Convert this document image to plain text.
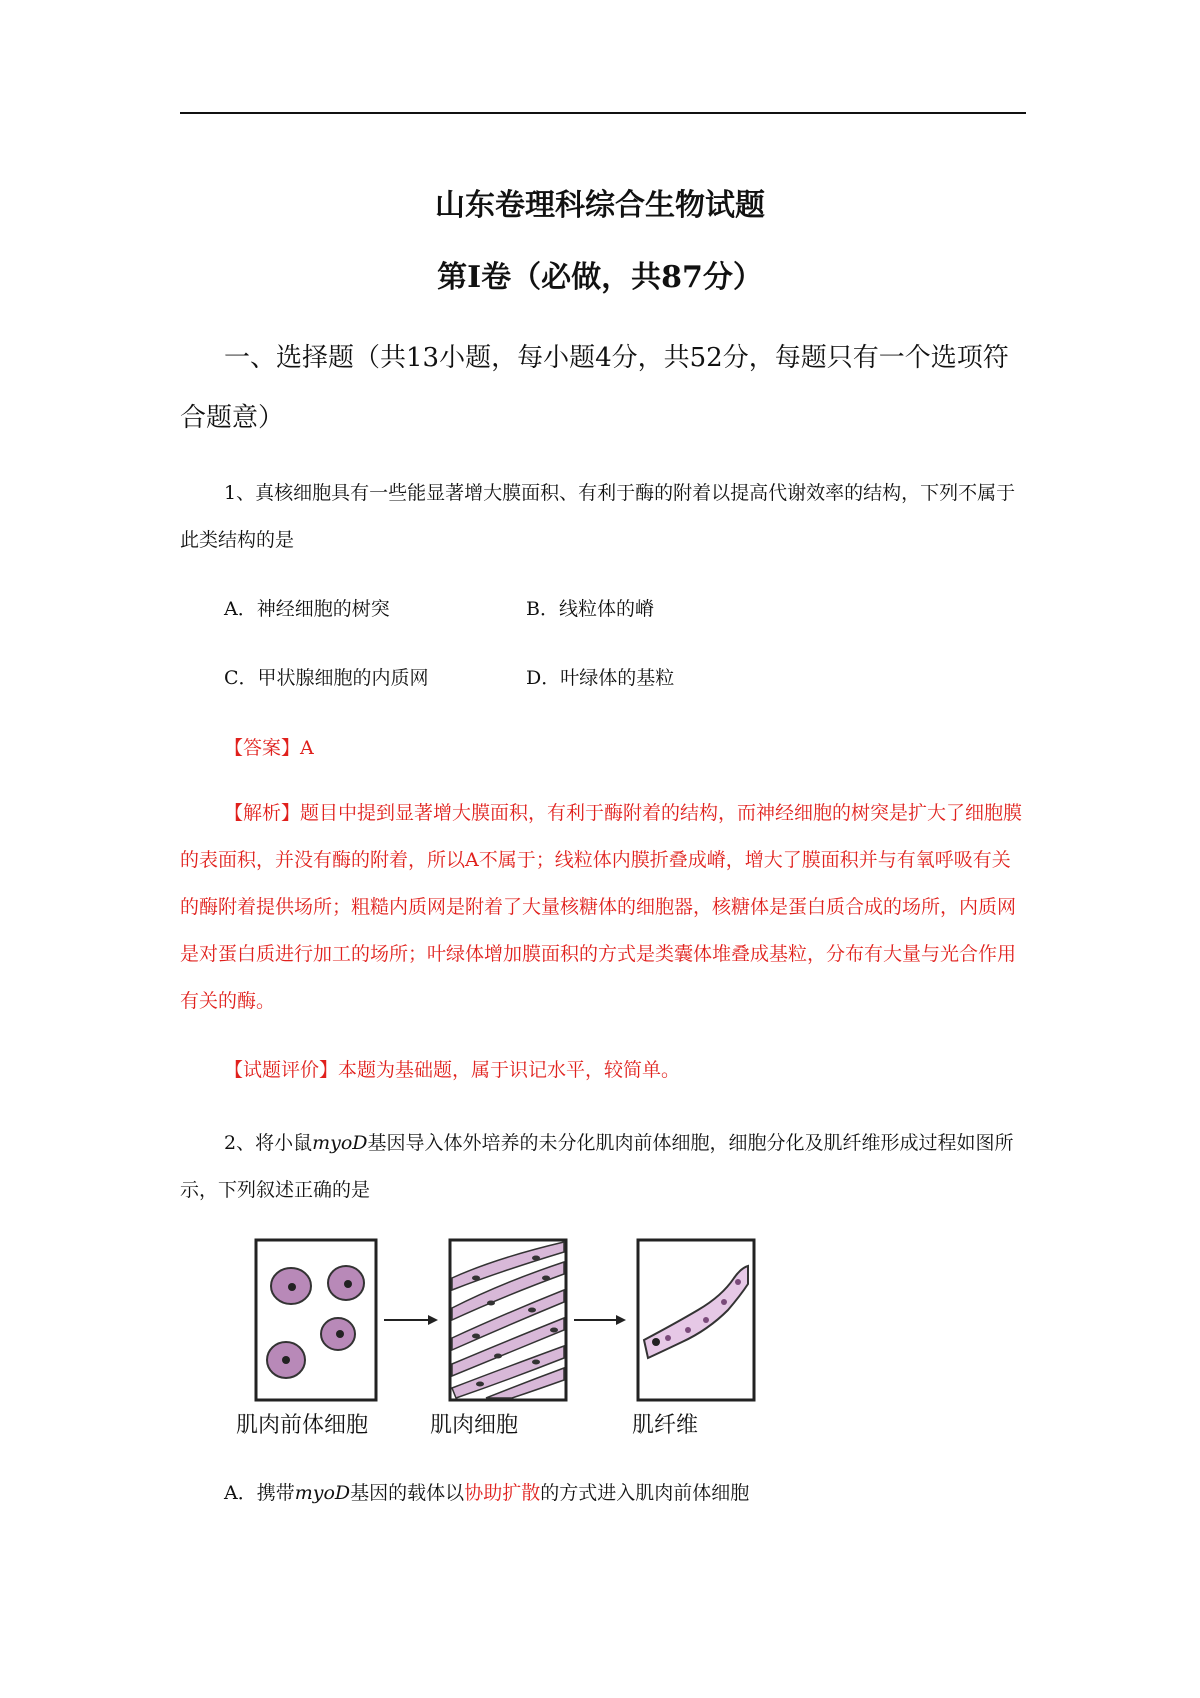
山东卷理科综合生物试题
第I卷（必做，共87分）
一、选择题（共13小题，每小题4分，共52分，每题只有一个选项符合题意）
1、真核细胞具有一些能显著增大膜面积、有利于酶的附着以提高代谢效率的结构，下列不属于此类结构的是
A．神经细胞的树突	B．线粒体的嵴
C．甲状腺细胞的内质网	D．叶绿体的基粒
【答案】A
【解析】题目中提到显著增大膜面积，有利于酶附着的结构，而神经细胞的树突是扩大了细胞膜的表面积，并没有酶的附着，所以A不属于；线粒体内膜折叠成嵴，增大了膜面积并与有氧呼吸有关的酶附着提供场所；粗糙内质网是附着了大量核糖体的细胞器，核糖体是蛋白质合成的场所，内质网是对蛋白质进行加工的场所；叶绿体增加膜面积的方式是类囊体堆叠成基粒，分布有大量与光合作用有关的酶。
【试题评价】本题为基础题，属于识记水平，较简单。
2、将小鼠myoD基因导入体外培养的未分化肌肉前体细胞，细胞分化及肌纤维形成过程如图所示，下列叙述正确的是
肌肉前体细胞	肌肉细胞	肌纤维
A．携带myoD基因的载体以协助扩散的方式进入肌肉前体细胞
